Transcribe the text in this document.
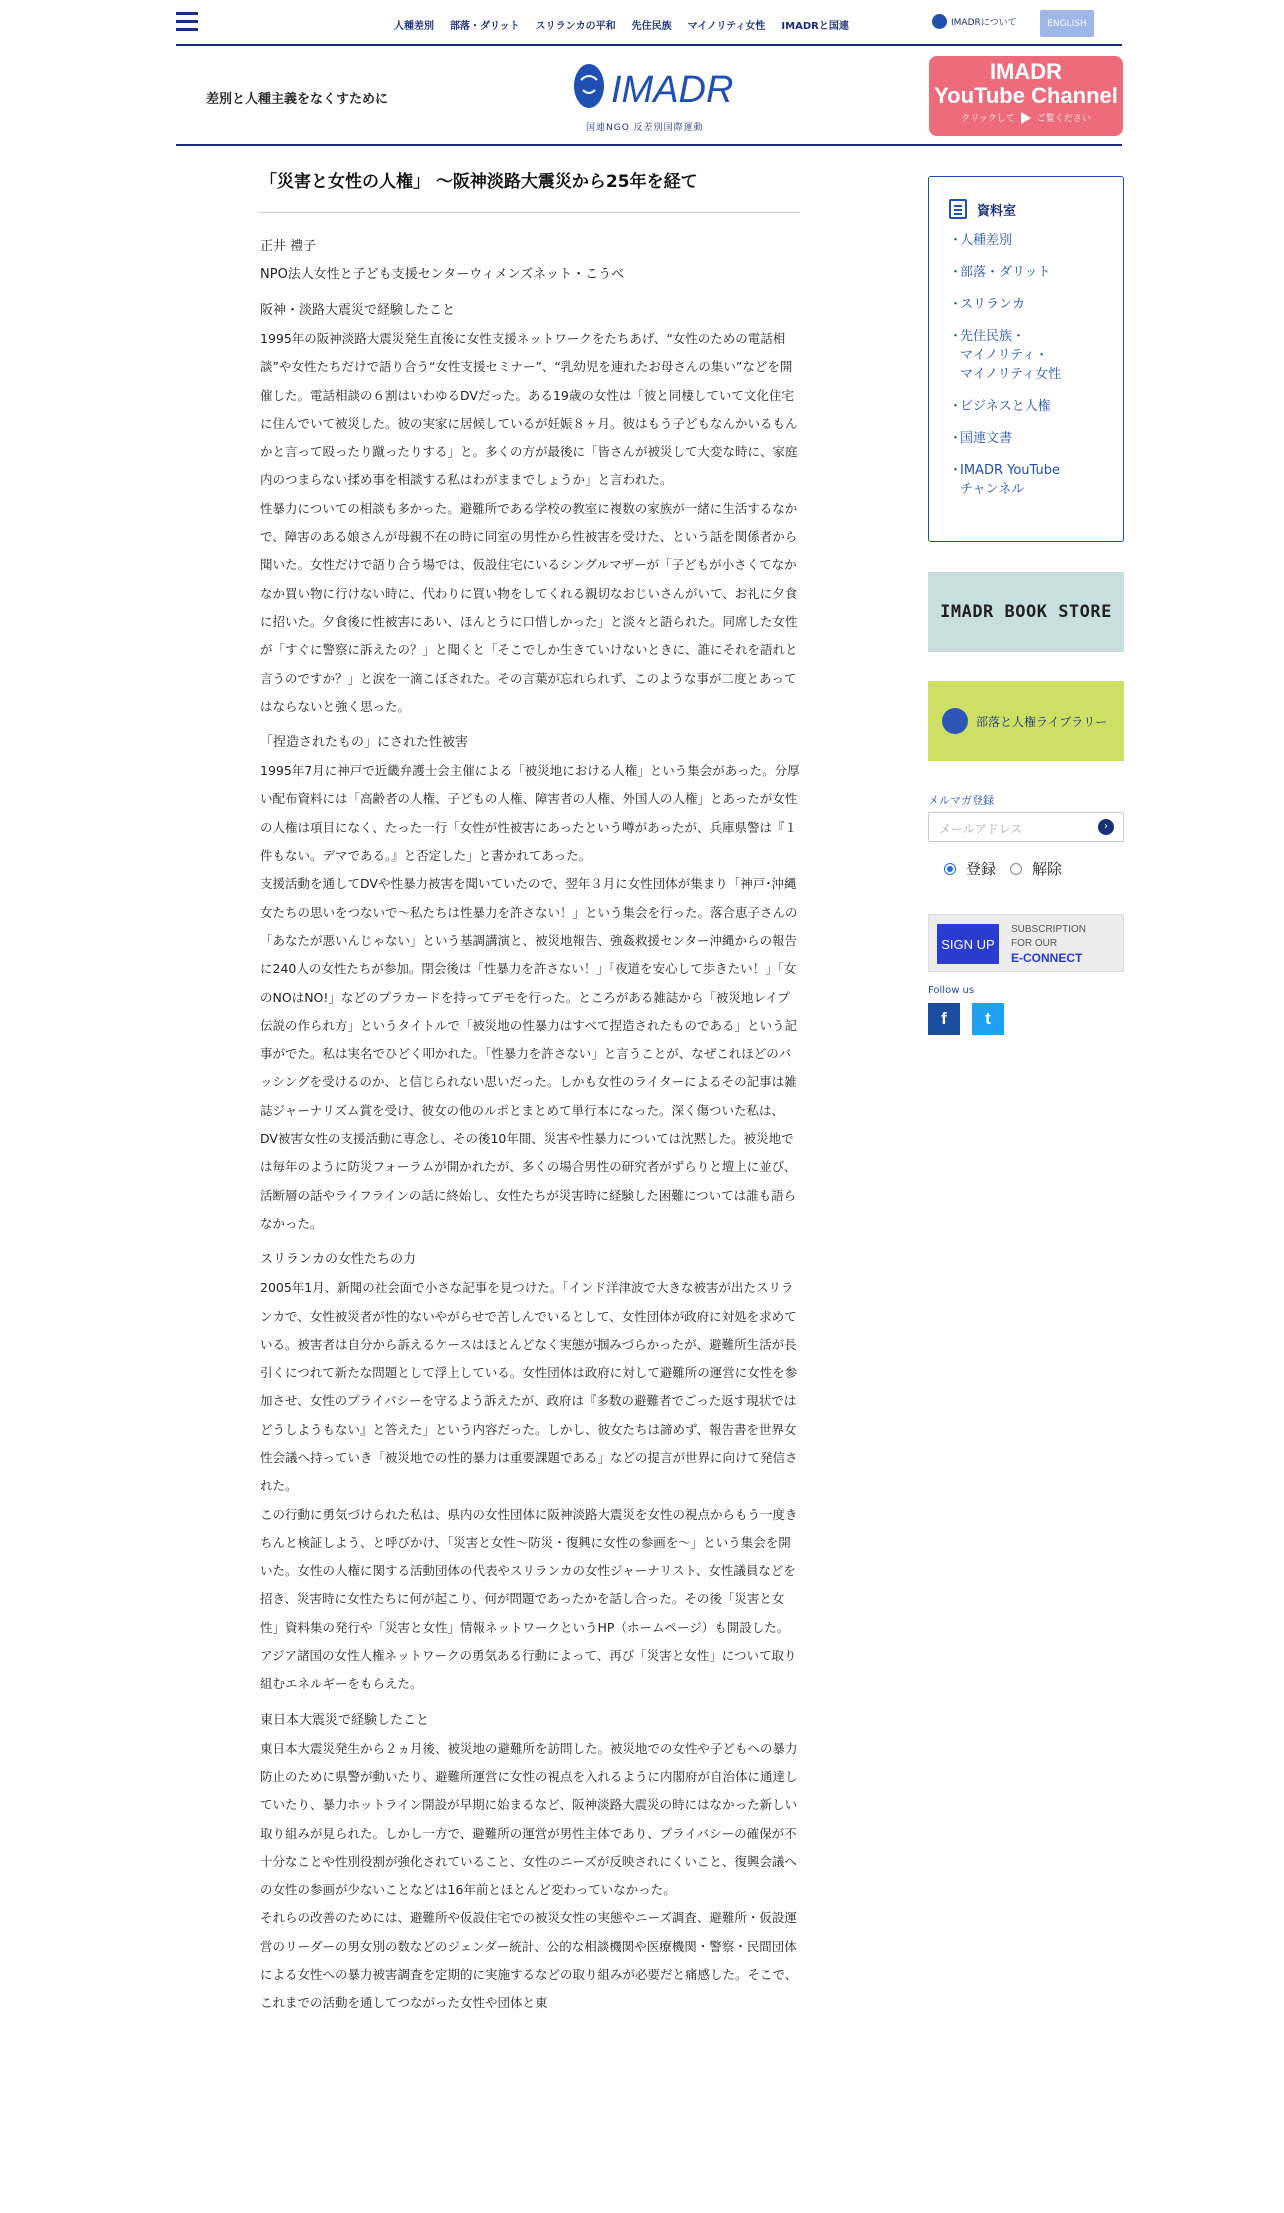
人種差別 部落・ダリット スリランカの平和 先住民族 マイノリティ女性 IMADRと国連	IMADRについて	ENGLISH
差別と人種主義をなくすために	IMADR
国連NGO 反差別国際運動
IMADR
YouTube Channel
クリックして ご覧ください
「災害と女性の人権」 〜阪神淡路大震災から25年を経て
正井 禮子
NPO法人女性と子ども支援センターウィメンズネット・こうべ
阪神・淡路大震災で経験したこと

1995年の阪神淡路大震災発生直後に女性支援ネットワークをたちあげ、“女性のための電話相談”や女性たちだけで語り合う“女性支援セミナー”、“乳幼児を連れたお母さんの集い”などを開催した。電話相談の６割はいわゆるDVだった。ある19歳の女性は「彼と同棲していて文化住宅に住んでいて被災した。彼の実家に居候しているが妊娠８ヶ月。彼はもう子どもなんかいるもんかと言って殴ったり蹴ったりする」と。多くの方が最後に「皆さんが被災して大変な時に、家庭内のつまらない揉め事を相談する私はわがままでしょうか」と言われた。

性暴力についての相談も多かった。避難所である学校の教室に複数の家族が一緒に生活するなかで、障害のある娘さんが母親不在の時に同室の男性から性被害を受けた、という話を関係者から聞いた。女性だけで語り合う場では、仮設住宅にいるシングルマザーが「子どもが小さくてなかなか買い物に行けない時に、代わりに買い物をしてくれる親切なおじいさんがいて、お礼に夕食に招いた。夕食後に性被害にあい、ほんとうに口惜しかった」と淡々と語られた。同席した女性が「すぐに警察に訴えたの？」と聞くと「そこでしか生きていけないときに、誰にそれを語れと言うのですか？」と涙を一滴こぼされた。その言葉が忘れられず、このような事が二度とあってはならないと強く思った。

「捏造されたもの」にされた性被害

1995年7月に神戸で近畿弁護士会主催による「被災地における人権」という集会があった。分厚い配布資料には「高齢者の人権、子どもの人権、障害者の人権、外国人の人権」とあったが女性の人権は項目になく、たった一行「女性が性被害にあったという噂があったが、兵庫県警は『１件もない。デマである。』と否定した」と書かれてあった。

支援活動を通してDVや性暴力被害を聞いていたので、翌年３月に女性団体が集まり「神戸･沖縄　女たちの思いをつないで〜私たちは性暴力を許さない！」という集会を行った。落合恵子さんの「あなたが悪いんじゃない」という基調講演と、被災地報告、強姦救援センター沖縄からの報告に240人の女性たちが参加。閉会後は「性暴力を許さない！」「夜道を安心して歩きたい！」「女のNOはNO!」などのプラカードを持ってデモを行った。ところがある雑誌から「被災地レイプ伝説の作られ方」というタイトルで「被災地の性暴力はすべて捏造されたものである」という記事がでた。私は実名でひどく叩かれた。「性暴力を許さない」と言うことが、なぜこれほどのバッシングを受けるのか、と信じられない思いだった。しかも女性のライターによるその記事は雑誌ジャーナリズム賞を受け、彼女の他のルポとまとめて単行本になった。深く傷ついた私は、DV被害女性の支援活動に専念し、その後10年間、災害や性暴力については沈黙した。被災地では毎年のように防災フォーラムが開かれたが、多くの場合男性の研究者がずらりと壇上に並び、活断層の話やライフラインの話に終始し、女性たちが災害時に経験した困難については誰も語らなかった。

スリランカの女性たちの力

2005年1月、新聞の社会面で小さな記事を見つけた。「インド洋津波で大きな被害が出たスリランカで、女性被災者が性的ないやがらせで苦しんでいるとして、女性団体が政府に対処を求めている。被害者は自分から訴えるケースはほとんどなく実態が掴みづらかったが、避難所生活が長引くにつれて新たな問題として浮上している。女性団体は政府に対して避難所の運営に女性を参加させ、女性のプライバシーを守るよう訴えたが、政府は『多数の避難者でごった返す現状ではどうしようもない』と答えた」という内容だった。しかし、彼女たちは諦めず、報告書を世界女性会議へ持っていき「被災地での性的暴力は重要課題である」などの提言が世界に向けて発信された。

この行動に勇気づけられた私は、県内の女性団体に阪神淡路大震災を女性の視点からもう一度きちんと検証しよう、と呼びかけ、「災害と女性〜防災・復興に女性の参画を〜」という集会を開いた。女性の人権に関する活動団体の代表やスリランカの女性ジャーナリスト、女性議員などを招き、災害時に女性たちに何が起こり、何が問題であったかを話し合った。その後「災害と女性」資料集の発行や「災害と女性」情報ネットワークというHP（ホームページ）も開設した。アジア諸国の女性人権ネットワークの勇気ある行動によって、再び「災害と女性」について取り組むエネルギーをもらえた。

東日本大震災で経験したこと

東日本大震災発生から２ヵ月後、被災地の避難所を訪問した。被災地での女性や子どもへの暴力防止のために県警が動いたり、避難所運営に女性の視点を入れるように内閣府が自治体に通達していたり、暴力ホットライン開設が早期に始まるなど、阪神淡路大震災の時にはなかった新しい取り組みが見られた。しかし一方で、避難所の運営が男性主体であり、プライバシーの確保が不十分なことや性別役割が強化されていること、女性のニーズが反映されにくいこと、復興会議への女性の参画が少ないことなどは16年前とほとんど変わっていなかった。

それらの改善のためには、避難所や仮設住宅での被災女性の実態やニーズ調査、避難所・仮設運営のリーダーの男女別の数などのジェンダー統計、公的な相談機関や医療機関・警察・民間団体による女性への暴力被害調査を定期的に実施するなどの取り組みが必要だと痛感した。そこで、これまでの活動を通してつながった女性や団体と東

資料室
・
人種差別
・
部落・ダリット
・
スリランカ
・
先住民族・
マイノリティ・
マイノリティ女性
・
ビジネスと人権
・
国連文書
・
IMADR YouTube
チャンネル
IMADR BOOK STORE
部落と人権ライブラリー
メルマガ登録
メールアドレス	›
登録 解除
SIGN UP
SUBSCRIPTION
FOR OUR
E-CONNECT
Follow us
f	t
